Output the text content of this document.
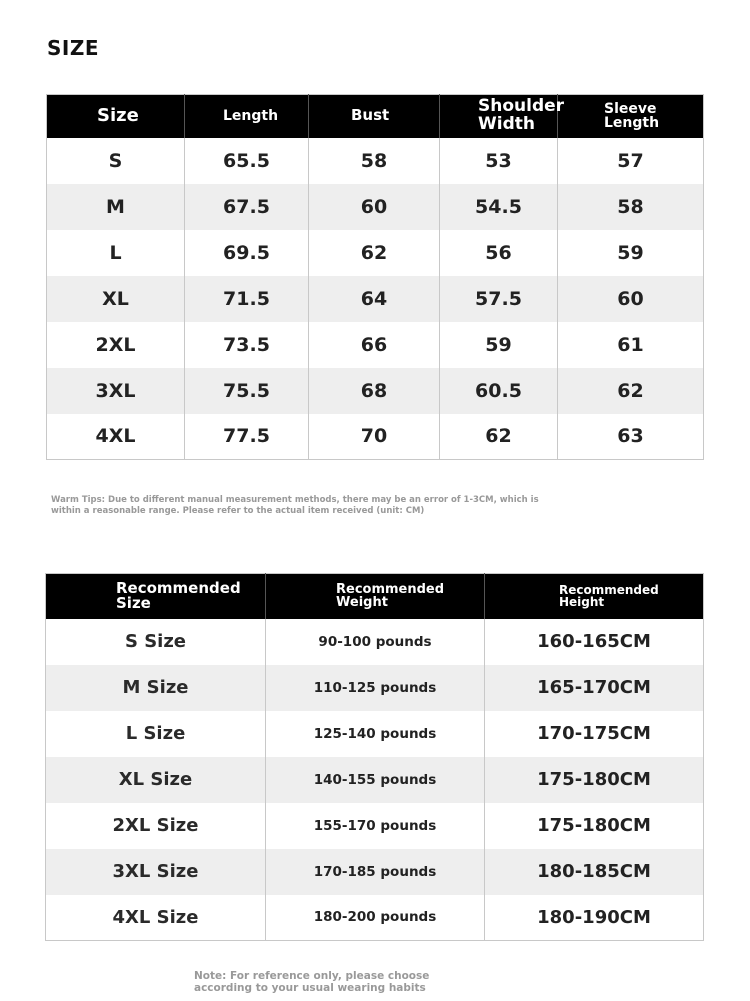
SIZE
Size	Length	Bust	Shoulder Width	Sleeve Length
S	65.5	58	53	57
M	67.5	60	54.5	58
L	69.5	62	56	59
XL	71.5	64	57.5	60
2XL	73.5	66	59	61
3XL	75.5	68	60.5	62
4XL	77.5	70	62	63
Warm Tips: Due to different manual measurement methods, there may be an error of 1-3CM, which is within a reasonable range. Please refer to the actual item received (unit: CM)
Recommended Size	Recommended Weight	Recommended Height
S Size	90-100 pounds	160-165CM
M Size	110-125 pounds	165-170CM
L Size	125-140 pounds	170-175CM
XL Size	140-155 pounds	175-180CM
2XL Size	155-170 pounds	175-180CM
3XL Size	170-185 pounds	180-185CM
4XL Size	180-200 pounds	180-190CM
Note: For reference only, please choose according to your usual wearing habits
